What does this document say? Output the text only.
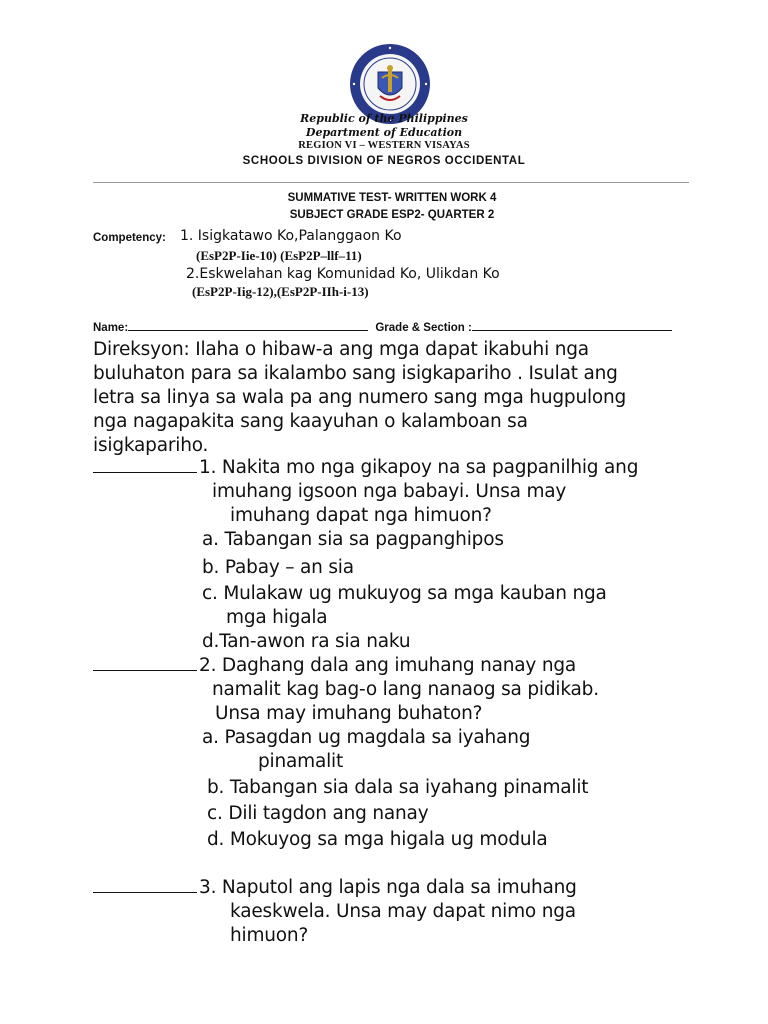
Republic of the Philippines
Department of Education
REGION VI – WESTERN VISAYAS
SCHOOLS DIVISION OF NEGROS OCCIDENTAL
SUMMATIVE TEST- WRITTEN WORK 4
SUBJECT GRADE ESP2- QUARTER 2
Competency: 1. Isigkatawo Ko,Palanggaon Ko
(EsP2P-Iie-10) (EsP2P–llf–11)
2.Eskwelahan kag Komunidad Ko, Ulikdan Ko
(EsP2P-Iig-12),(EsP2P-IIh-i-13)
Name:	Grade & Section :
Direksyon: Ilaha o hibaw-a ang mga dapat ikabuhi nga
buluhaton para sa ikalambo sang isigkapariho . Isulat ang
letra sa linya sa wala pa ang numero sang mga hugpulong
nga nagapakita sang kaayuhan o kalamboan sa
isigkapariho.
1. Nakita mo nga gikapoy na sa pagpanilhig ang
imuhang igsoon nga babayi. Unsa may
imuhang dapat nga himuon?
a. Tabangan sia sa pagpanghipos
b. Pabay – an sia
c. Mulakaw ug mukuyog sa mga kauban nga
mga higala
d.Tan-awon ra sia naku
2. Daghang dala ang imuhang nanay nga
namalit kag bag-o lang nanaog sa pidikab.
Unsa may imuhang buhaton?
a. Pasagdan ug magdala sa iyahang
pinamalit
b. Tabangan sia dala sa iyahang pinamalit
c. Dili tagdon ang nanay
d. Mokuyog sa mga higala ug modula
3. Naputol ang lapis nga dala sa imuhang
kaeskwela. Unsa may dapat nimo nga
himuon?
